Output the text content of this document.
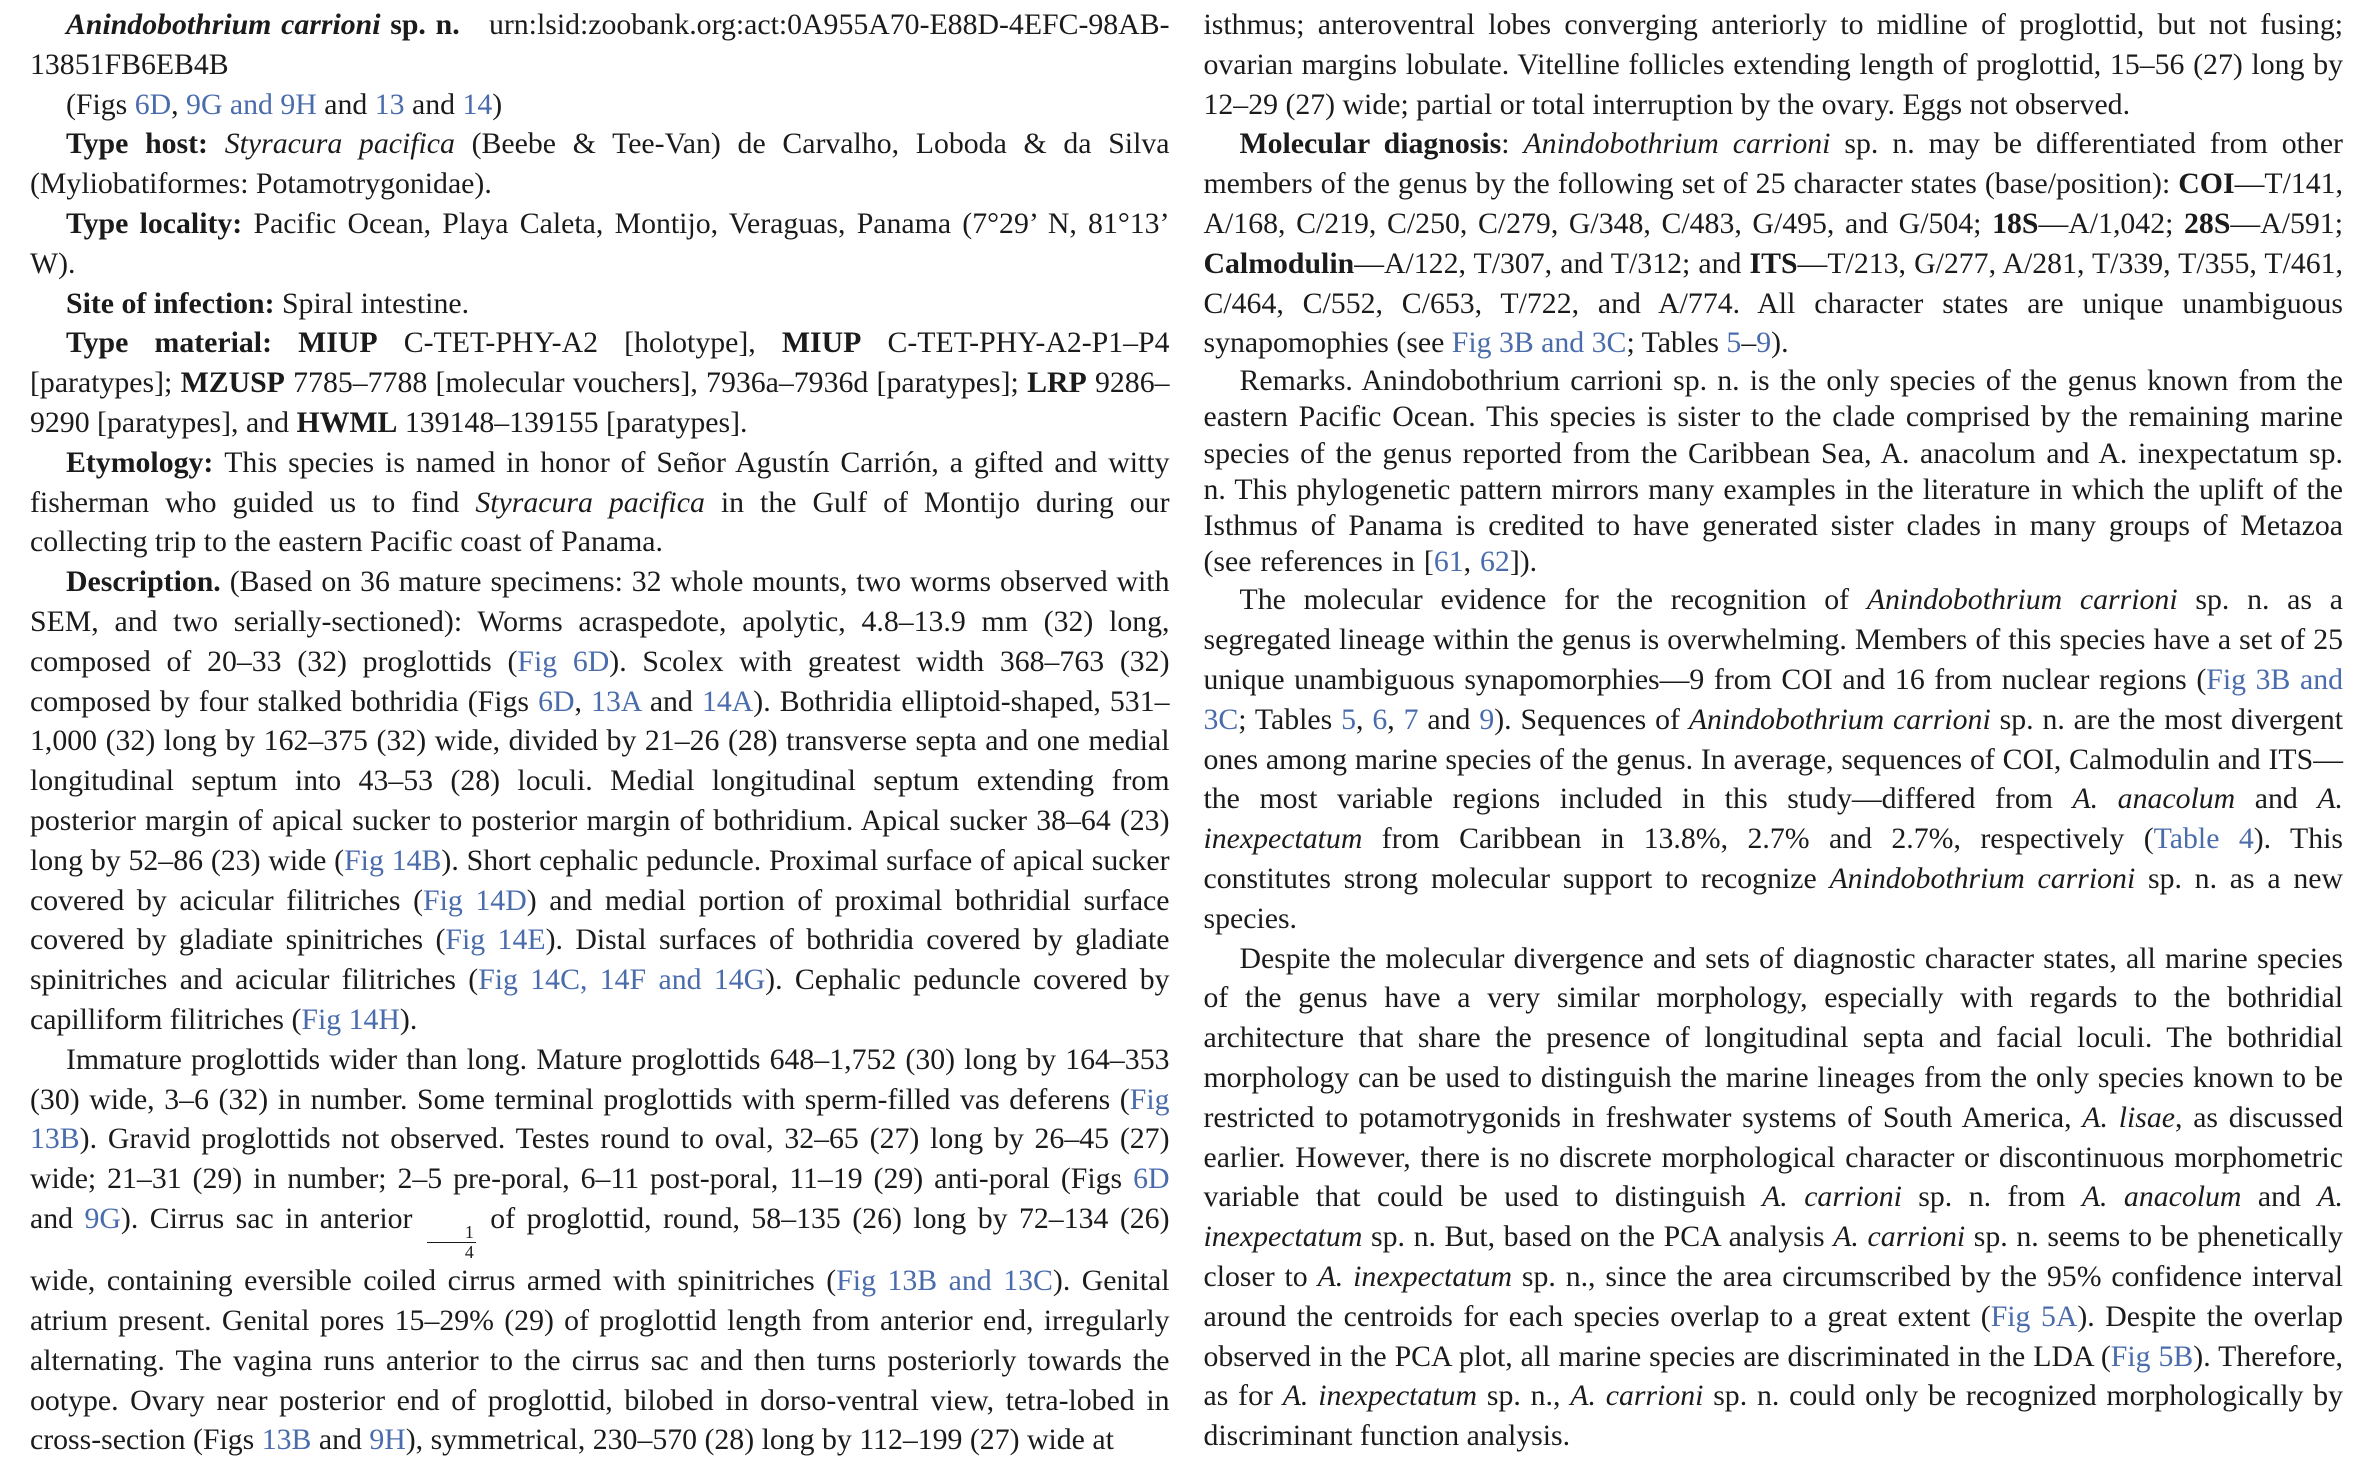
Anindobothrium carrioni sp. n.   urn:lsid:zoobank.org:act:0A955A70-E88D-4EFC-98AB-13851FB6EB4B

(Figs 6D, 9G and 9H and 13 and 14)

Type host: Styracura pacifica (Beebe & Tee-Van) de Carvalho, Loboda & da Silva (Myliobatiformes: Potamotrygonidae).

Type locality: Pacific Ocean, Playa Caleta, Montijo, Veraguas, Panama (7°29’ N, 81°13’ W).

Site of infection: Spiral intestine.

Type material: MIUP C-TET-PHY-A2 [holotype], MIUP C-TET-PHY-A2-P1–P4 [paratypes]; MZUSP 7785–7788 [molecular vouchers], 7936a–7936d [paratypes]; LRP 9286–9290 [paratypes], and HWML 139148–139155 [paratypes].

Etymology: This species is named in honor of Señor Agustín Carrión, a gifted and witty fisherman who guided us to find Styracura pacifica in the Gulf of Montijo during our collecting trip to the eastern Pacific coast of Panama.

Description. (Based on 36 mature specimens: 32 whole mounts, two worms observed with SEM, and two serially-sectioned): Worms acraspedote, apolytic, 4.8–13.9 mm (32) long, composed of 20–33 (32) proglottids (Fig 6D). Scolex with greatest width 368–763 (32) composed by four stalked bothridia (Figs 6D, 13A and 14A). Bothridia elliptoid-shaped, 531–1,000 (32) long by 162–375 (32) wide, divided by 21–26 (28) transverse septa and one medial longitudinal septum into 43–53 (28) loculi. Medial longitudinal septum extending from posterior margin of apical sucker to posterior margin of bothridium. Apical sucker 38–64 (23) long by 52–86 (23) wide (Fig 14B). Short cephalic peduncle. Proximal surface of apical sucker covered by acicular filitriches (Fig 14D) and medial portion of proximal bothridial surface covered by gladiate spinitriches (Fig 14E). Distal surfaces of bothridia covered by gladiate spinitriches and acicular filitriches (Fig 14C, 14F and 14G). Cephalic peduncle covered by capilliform filitriches (Fig 14H).

Immature proglottids wider than long. Mature proglottids 648–1,752 (30) long by 164–353 (30) wide, 3–6 (32) in number. Some terminal proglottids with sperm-filled vas deferens (Fig 13B). Gravid proglottids not observed. Testes round to oval, 32–65 (27) long by 26–45 (27) wide; 21–31 (29) in number; 2–5 pre-poral, 6–11 post-poral, 11–19 (29) anti-poral (Figs 6D and 9G). Cirrus sac in anterior
$\frac{1}{4}$
of proglottid, round, 58–135 (26) long by 72–134 (26) wide, containing eversible coiled cirrus armed with spinitriches (Fig 13B and 13C). Genital atrium present. Genital pores 15–29% (29) of proglottid length from anterior end, irregularly alternating. The vagina runs anterior to the cirrus sac and then turns posteriorly towards the ootype. Ovary near posterior end of proglottid, bilobed in dorso-ventral view, tetra-lobed in cross-section (Figs 13B and 9H), symmetrical, 230–570 (28) long by 112–199 (27) wide at

isthmus; anteroventral lobes converging anteriorly to midline of proglottid, but not fusing; ovarian margins lobulate. Vitelline follicles extending length of proglottid, 15–56 (27) long by 12–29 (27) wide; partial or total interruption by the ovary. Eggs not observed.

Molecular diagnosis: Anindobothrium carrioni sp. n. may be differentiated from other members of the genus by the following set of 25 character states (base/position): COI—T/141, A/168, C/219, C/250, C/279, G/348, C/483, G/495, and G/504; 18S—A/1,042; 28S—A/591; Calmodulin—A/122, T/307, and T/312; and ITS—T/213, G/277, A/281, T/339, T/355, T/461, C/464, C/552, C/653, T/722, and A/774. All character states are unique unambiguous synapomophies (see Fig 3B and 3C; Tables 5–9).

Remarks. Anindobothrium carrioni sp. n. is the only species of the genus known from the eastern Pacific Ocean. This species is sister to the clade comprised by the remaining marine species of the genus reported from the Caribbean Sea, A. anacolum and A. inexpectatum sp. n. This phylogenetic pattern mirrors many examples in the literature in which the uplift of the Isthmus of Panama is credited to have generated sister clades in many groups of Metazoa (see references in [61, 62]).

The molecular evidence for the recognition of Anindobothrium carrioni sp. n. as a segregated lineage within the genus is overwhelming. Members of this species have a set of 25 unique unambiguous synapomorphies—9 from COI and 16 from nuclear regions (Fig 3B and 3C; Tables 5, 6, 7 and 9). Sequences of Anindobothrium carrioni sp. n. are the most divergent ones among marine species of the genus. In average, sequences of COI, Calmodulin and ITS—the most variable regions included in this study—differed from A. anacolum and A. inexpectatum from Caribbean in 13.8%, 2.7% and 2.7%, respectively (Table 4). This constitutes strong molecular support to recognize Anindobothrium carrioni sp. n. as a new species.

Despite the molecular divergence and sets of diagnostic character states, all marine species of the genus have a very similar morphology, especially with regards to the bothridial architecture that share the presence of longitudinal septa and facial loculi. The bothridial morphology can be used to distinguish the marine lineages from the only species known to be restricted to potamotrygonids in freshwater systems of South America, A. lisae, as discussed earlier. However, there is no discrete morphological character or discontinuous morphometric variable that could be used to distinguish A. carrioni sp. n. from A. anacolum and A. inexpectatum sp. n. But, based on the PCA analysis A. carrioni sp. n. seems to be phenetically closer to A. inexpectatum sp. n., since the area circumscribed by the 95% confidence interval around the centroids for each species overlap to a great extent (Fig 5A). Despite the overlap observed in the PCA plot, all marine species are discriminated in the LDA (Fig 5B). Therefore, as for A. inexpectatum sp. n., A. carrioni sp. n. could only be recognized morphologically by discriminant function analysis.
